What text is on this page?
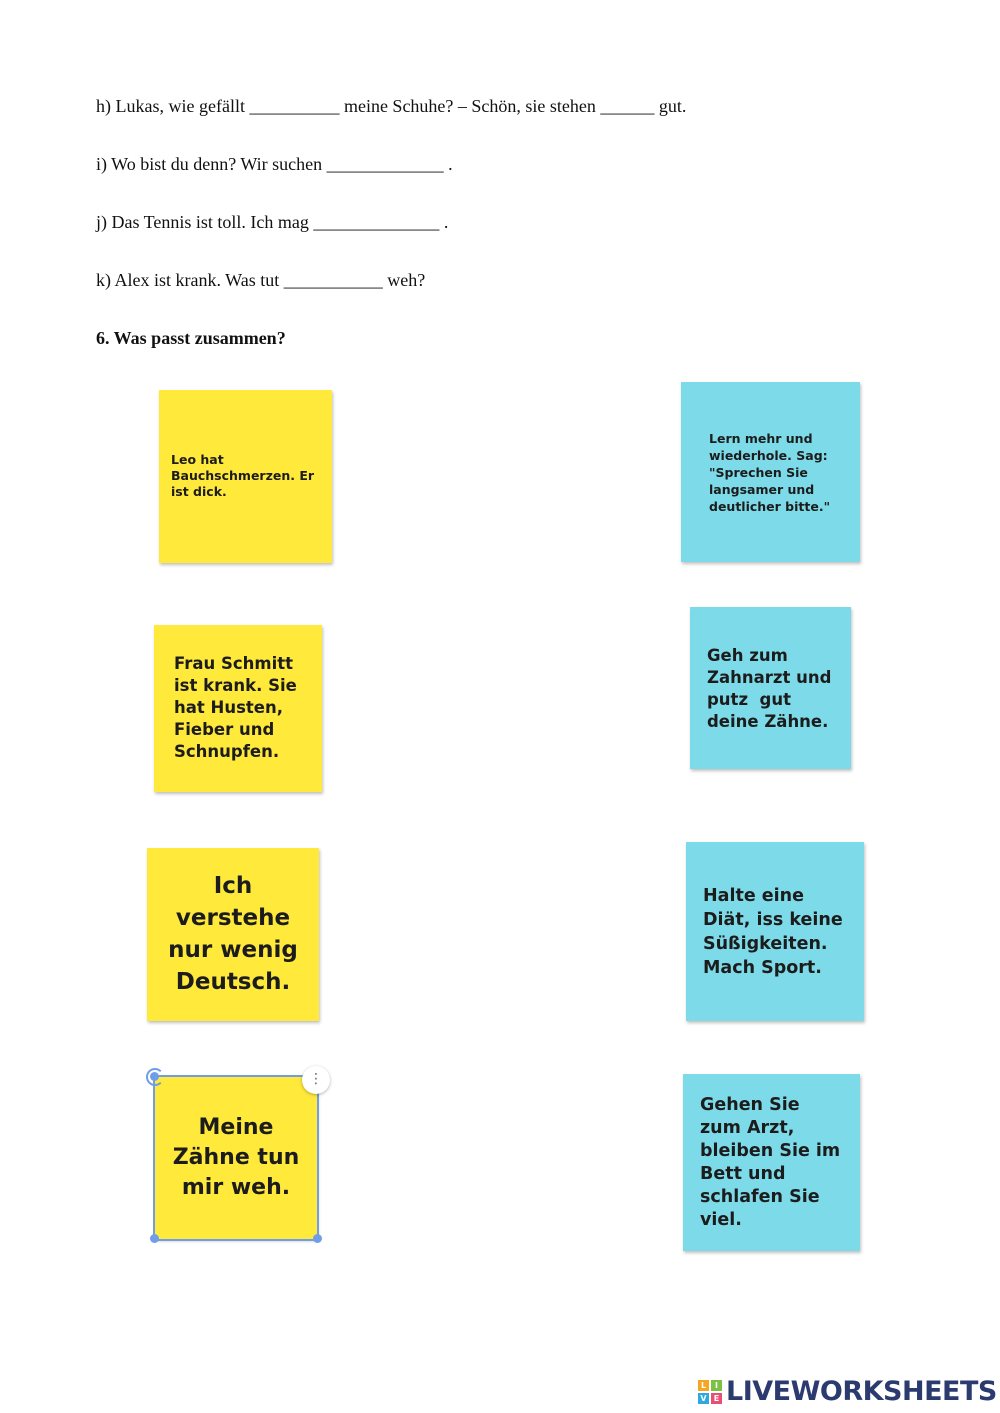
h) Lukas, wie gefällt __________ meine Schuhe? – Schön, sie stehen ______ gut.
i) Wo bist du denn? Wir suchen _____________ .
j) Das Tennis ist toll. Ich mag ______________ .
k) Alex ist krank. Was tut ___________ weh?
6. Was passt zusammen?
Leo hat
Bauchschmerzen. Er
ist dick.
Frau Schmitt
ist krank. Sie
hat Husten,
Fieber und
Schnupfen.
Ich
verstehe
nur wenig
Deutsch.
Meine
Zähne tun
mir weh.
⋮
Lern mehr und
wiederhole. Sag:
"Sprechen Sie
langsamer und
deutlicher bitte."
Geh zum
Zahnarzt und
putz  gut
deine Zähne.
Halte eine
Diät, iss keine
Süßigkeiten.
Mach Sport.
Gehen Sie
zum Arzt,
bleiben Sie im
Bett und
schlafen Sie
viel.
L	I
V E LIVEWORKSHEETS
